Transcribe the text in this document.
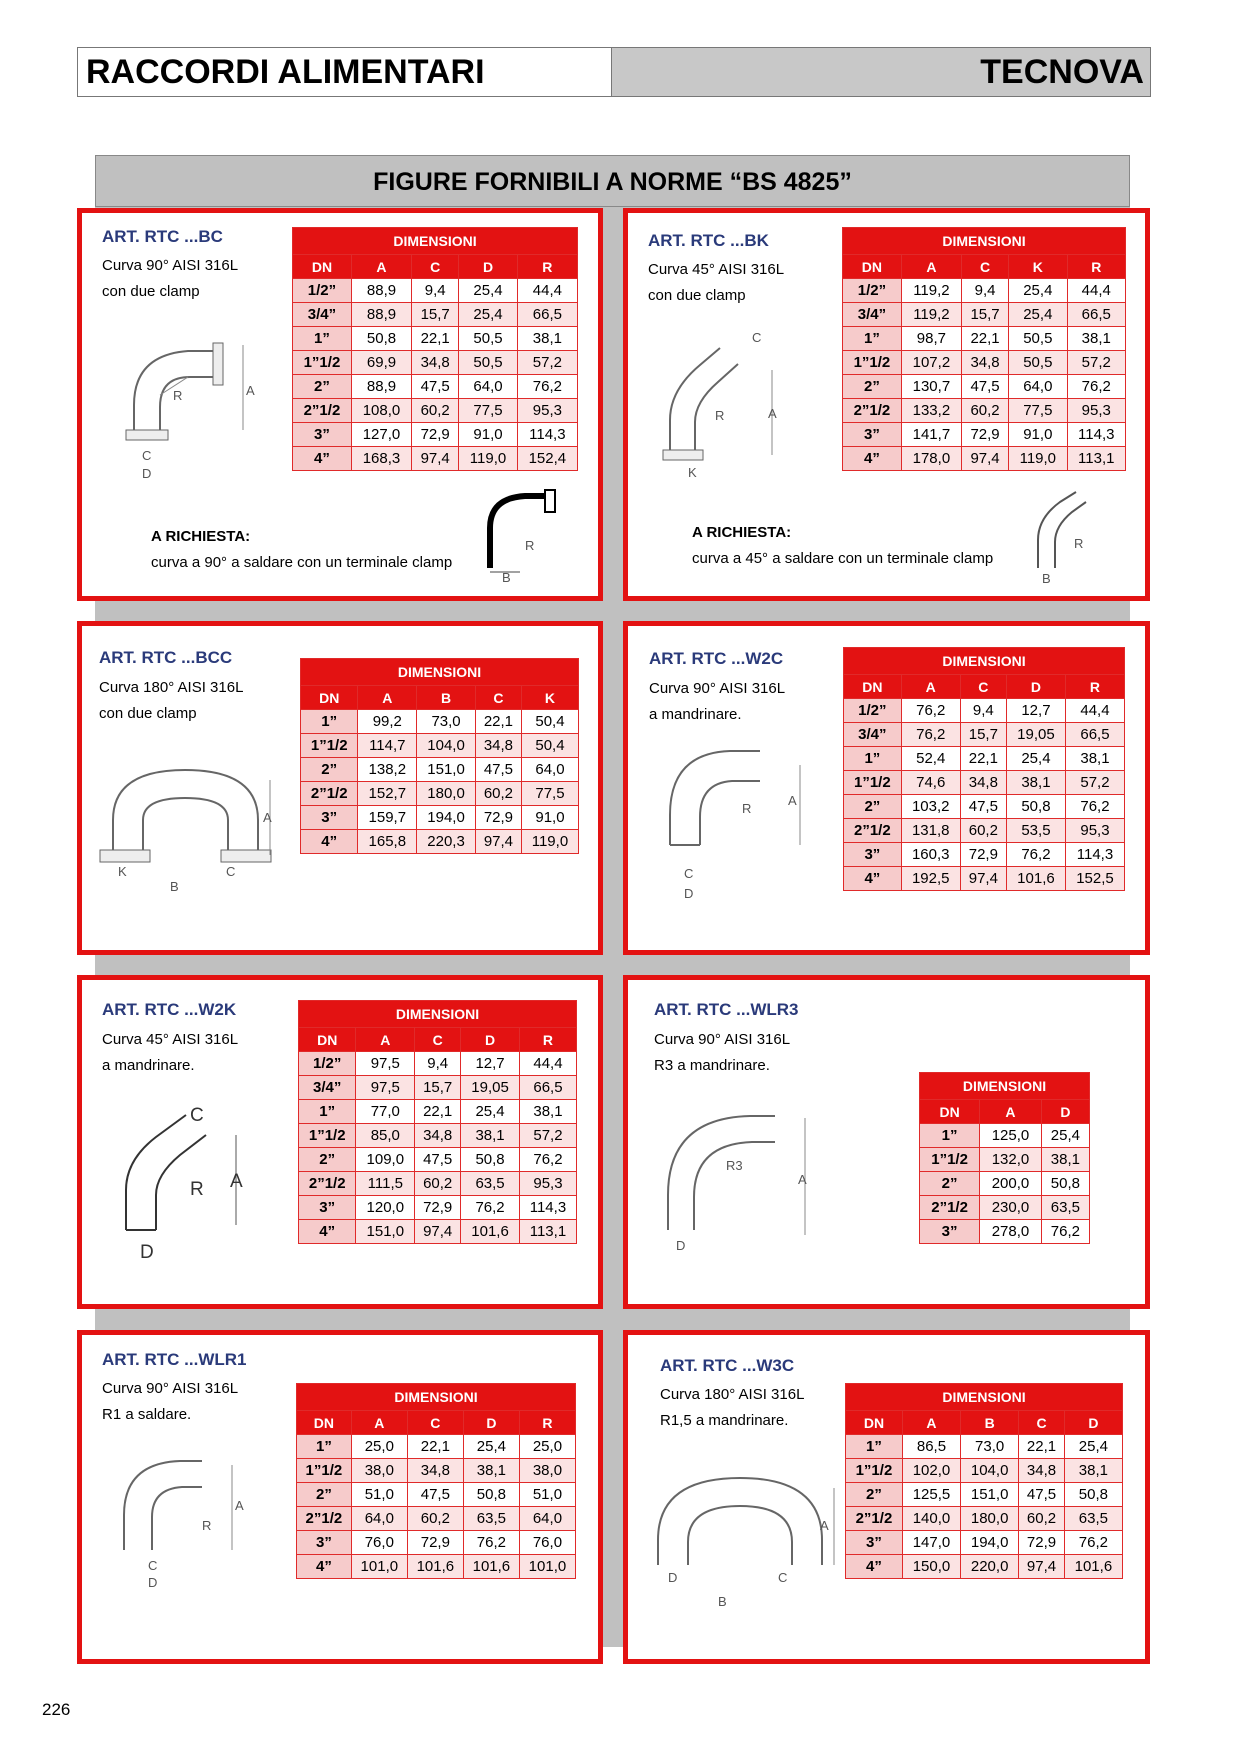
RACCORDI ALIMENTARI	TECNOVA
FIGURE FORNIBILI A NORME “BS 4825”
ART. RTC ...BC
Curva 90° AISI 316L
con due clamp
DIMENSIONI				
DN	A	C	D	R
1/2”	88,9	9,4	25,4	44,4
3/4”	88,9	15,7	25,4	66,5
1”	50,8	22,1	50,5	38,1
1”1/2	69,9	34,8	50,5	57,2
2”	88,9	47,5	64,0	76,2
2”1/2	108,0	60,2	77,5	95,3
3”	127,0	72,9	91,0	114,3
4”	168,3	97,4	119,0	152,4
A RICHIESTA:
curva a 90° a saldare con un terminale clamp
ART. RTC ...BK
Curva 45° AISI 316L
con due clamp
DIMENSIONI				
DN	A	C	K	R
1/2”	119,2	9,4	25,4	44,4
3/4”	119,2	15,7	25,4	66,5
1”	98,7	22,1	50,5	38,1
1”1/2	107,2	34,8	50,5	57,2
2”	130,7	47,5	64,0	76,2
2”1/2	133,2	60,2	77,5	95,3
3”	141,7	72,9	91,0	114,3
4”	178,0	97,4	119,0	113,1
A RICHIESTA:
curva a 45° a saldare con un terminale clamp
ART. RTC ...BCC
Curva 180° AISI 316L
con due clamp
DIMENSIONI				
DN	A	B	C	K
1”	99,2	73,0	22,1	50,4
1”1/2	114,7	104,0	34,8	50,4
2”	138,2	151,0	47,5	64,0
2”1/2	152,7	180,0	60,2	77,5
3”	159,7	194,0	72,9	91,0
4”	165,8	220,3	97,4	119,0
ART. RTC ...W2C
Curva 90° AISI 316L
a mandrinare.
DIMENSIONI				
DN	A	C	D	R
1/2”	76,2	9,4	12,7	44,4
3/4”	76,2	15,7	19,05	66,5
1”	52,4	22,1	25,4	38,1
1”1/2	74,6	34,8	38,1	57,2
2”	103,2	47,5	50,8	76,2
2”1/2	131,8	60,2	53,5	95,3
3”	160,3	72,9	76,2	114,3
4”	192,5	97,4	101,6	152,5
ART. RTC ...W2K
Curva 45° AISI 316L
a mandrinare.
DIMENSIONI				
DN	A	C	D	R
1/2”	97,5	9,4	12,7	44,4
3/4”	97,5	15,7	19,05	66,5
1”	77,0	22,1	25,4	38,1
1”1/2	85,0	34,8	38,1	57,2
2”	109,0	47,5	50,8	76,2
2”1/2	111,5	60,2	63,5	95,3
3”	120,0	72,9	76,2	114,3
4”	151,0	97,4	101,6	113,1
ART. RTC ...WLR3
Curva 90° AISI 316L
R3 a mandrinare.
DIMENSIONI		
DN	A	D
1”	125,0	25,4
1”1/2	132,0	38,1
2”	200,0	50,8
2”1/2	230,0	63,5
3”	278,0	76,2
ART. RTC ...WLR1
Curva 90° AISI 316L
R1 a saldare.
DIMENSIONI				
DN	A	C	D	R
1”	25,0	22,1	25,4	25,0
1”1/2	38,0	34,8	38,1	38,0
2”	51,0	47,5	50,8	51,0
2”1/2	64,0	60,2	63,5	64,0
3”	76,0	72,9	76,2	76,0
4”	101,0	101,6	101,6	101,0
ART. RTC ...W3C
Curva 180° AISI 316L
R1,5 a mandrinare.
DIMENSIONI				
DN	A	B	C	D
1”	86,5	73,0	22,1	25,4
1”1/2	102,0	104,0	34,8	38,1
2”	125,5	151,0	47,5	50,8
2”1/2	140,0	180,0	60,2	63,5
3”	147,0	194,0	72,9	76,2
4”	150,0	220,0	97,4	101,6
R	A
C
D
R
B
R	A
C
K
R
B
A
K	C
B
R
A
C
D
C
R A
D
R3
A
D
R
A
C
D
A
D	C
B
226
